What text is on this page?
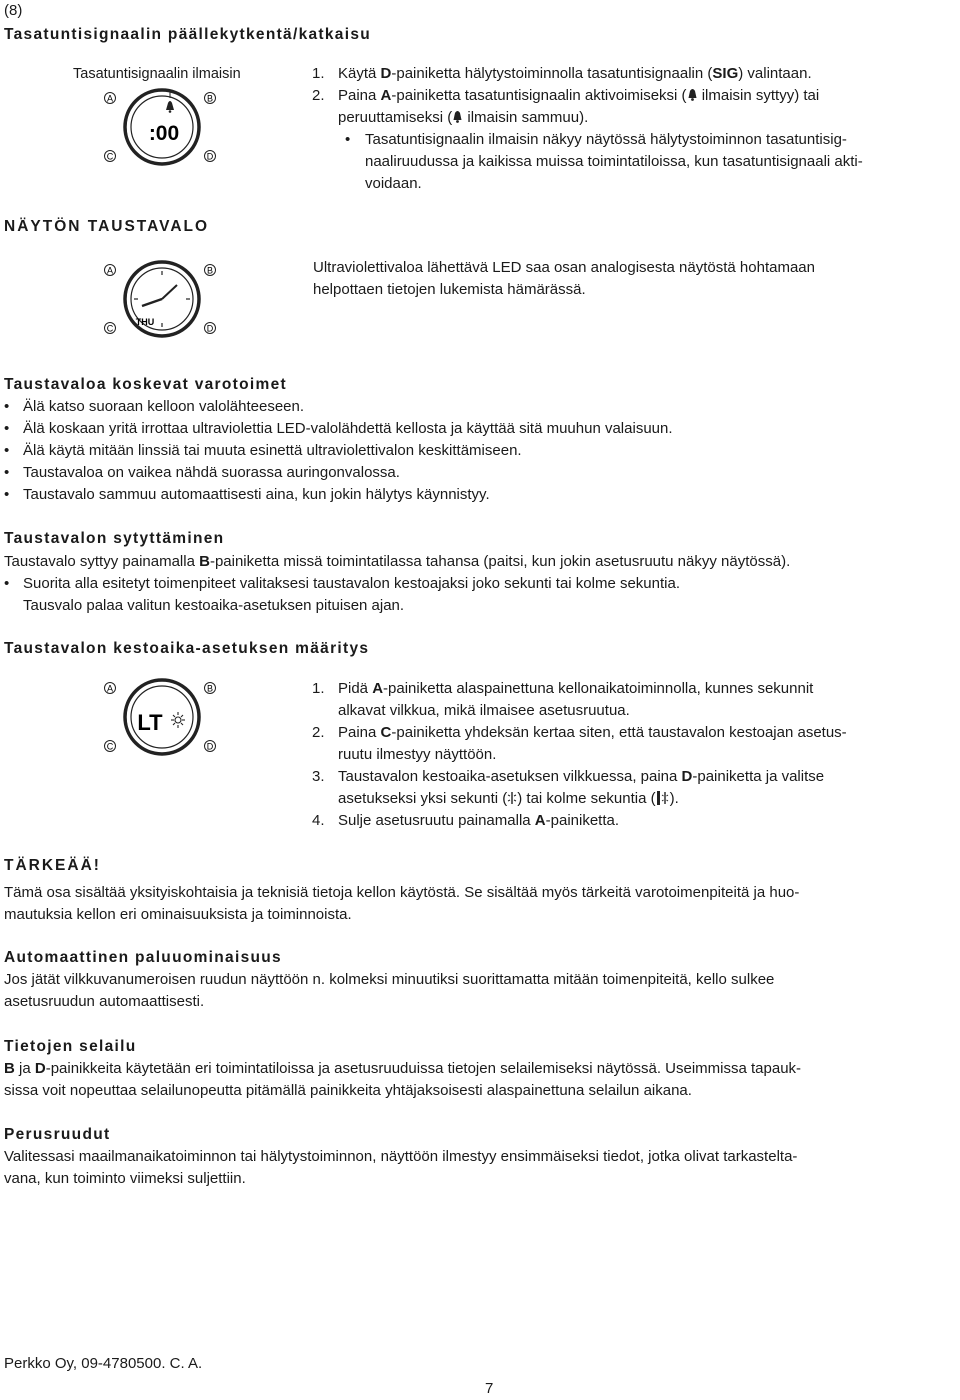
(8)
Tasatuntisignaalin päällekytkentä/katkaisu
Tasatuntisignaalin ilmaisin
A	B
C	D
:00
1. Käytä D-painiketta hälytystoiminnolla tasatuntisignaalin (SIG) valintaan.
2. Paina A-painiketta tasatuntisignaalin aktivoimiseksi ( ilmaisin syttyy) tai
peruuttamiseksi ( ilmaisin sammuu).
• Tasatuntisignaalin ilmaisin näkyy näytössä hälytystoiminnon tasatuntisig-
naaliruudussa ja kaikissa muissa toimintatiloissa, kun tasatuntisignaali akti-
voidaan.
NÄYTÖN TAUSTAVALO
A	B
C	D
THU
Ultraviolettivaloa lähettävä LED saa osan analogisesta näytöstä hohtamaan
helpottaen tietojen lukemista hämärässä.
Taustavaloa koskevat varotoimet
• Älä katso suoraan kelloon valolähteeseen.
• Älä koskaan yritä irrottaa ultraviolettia LED-valolähdettä kellosta ja käyttää sitä muuhun valaisuun.
• Älä käytä mitään linssiä tai muuta esinettä ultraviolettivalon keskittämiseen.
• Taustavaloa on vaikea nähdä suorassa auringonvalossa.
• Taustavalo sammuu automaattisesti aina, kun jokin hälytys käynnistyy.
Taustavalon sytyttäminen
Taustavalo syttyy painamalla B-painiketta missä toimintatilassa tahansa (paitsi, kun jokin asetusruutu näkyy näytössä).
• Suorita alla esitetyt toimenpiteet valitaksesi taustavalon kestoajaksi joko sekunti tai kolme sekuntia.
Tausvalo palaa valitun kestoaika-asetuksen pituisen ajan.
Taustavalon kestoaika-asetuksen määritys
A	B
C	D
LT
1. Pidä A-painiketta alaspainettuna kellonaikatoiminnolla, kunnes sekunnit
alkavat vilkkua, mikä ilmaisee asetusruutua.
2. Paina C-painiketta yhdeksän kertaa siten, että taustavalon kestoajan asetus-
ruutu ilmestyy näyttöön.
3. Taustavalon kestoaika-asetuksen vilkkuessa, paina D-painiketta ja valitse
asetukseksi yksi sekunti ( ) tai kolme sekuntia ( ).
4. Sulje asetusruutu painamalla A-painiketta.
TÄRKEÄÄ!
Tämä osa sisältää yksityiskohtaisia ja teknisiä tietoja kellon käytöstä. Se sisältää myös tärkeitä varotoimenpiteitä ja huo-
mautuksia kellon eri ominaisuuksista ja toiminnoista.
Automaattinen paluuominaisuus
Jos jätät vilkkuvanumeroisen ruudun näyttöön n. kolmeksi minuutiksi suorittamatta mitään toimenpiteitä, kello sulkee
asetusruudun automaattisesti.
Tietojen selailu
B ja D-painikkeita käytetään eri toimintatiloissa ja asetusruuduissa tietojen selailemiseksi näytössä. Useimmissa tapauk-
sissa voit nopeuttaa selailunopeutta pitämällä painikkeita yhtäjaksoisesti alaspainettuna selailun aikana.
Perusruudut
Valitessasi maailmanaikatoiminnon tai hälytystoiminnon, näyttöön ilmestyy ensimmäiseksi tiedot, jotka olivat tarkastelta-
vana, kun toiminto viimeksi suljettiin.
Perkko Oy, 09-4780500. C. A.
7
